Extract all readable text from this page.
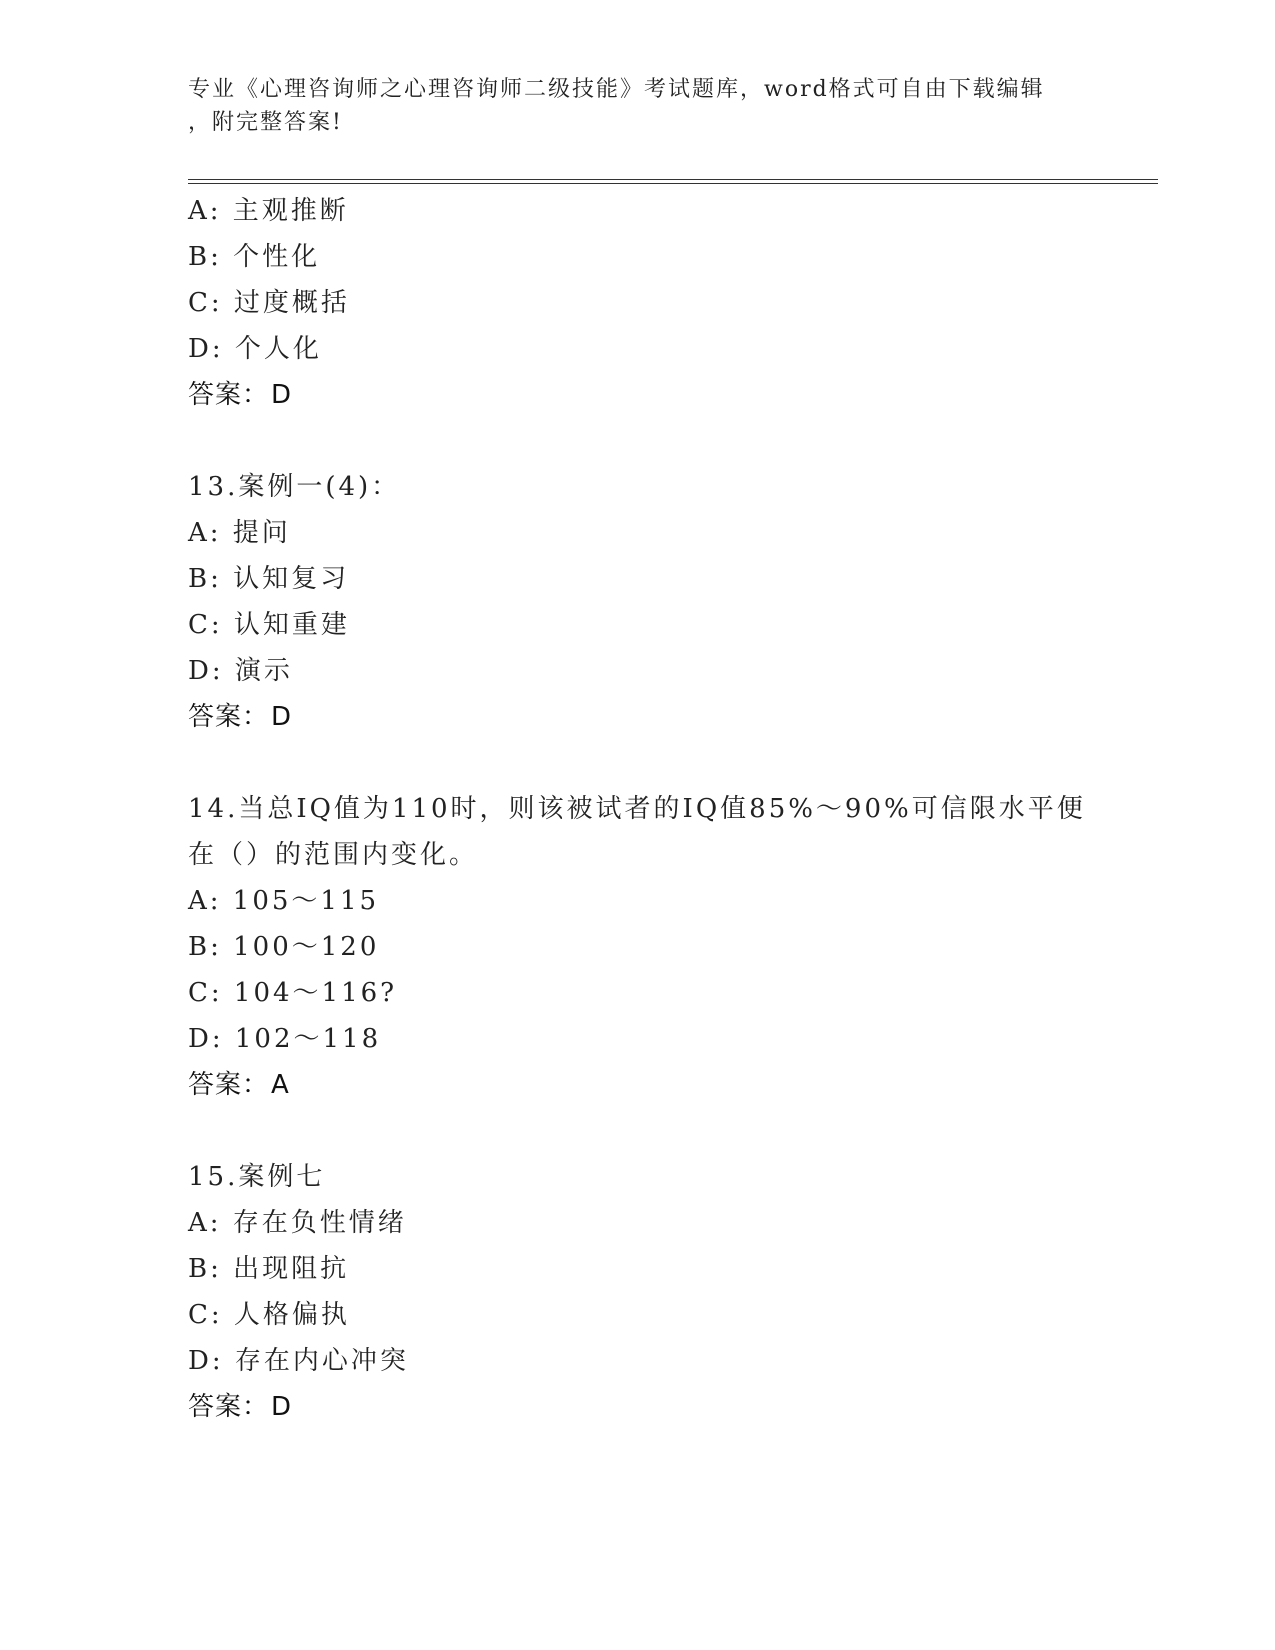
专业《心理咨询师之心理咨询师二级技能》考试题库，word格式可自由下载编辑
，附完整答案!
A: 主观推断
B: 个性化
C: 过度概括
D: 个人化
答案：D
13.案例一(4)：
A: 提问
B: 认知复习
C: 认知重建
D: 演示
答案：D
14.当总IQ值为110时，则该被试者的IQ值85%～90%可信限水平便
在（）的范围内变化。
A: 105～115
B: 100～120
C: 104～116?
D: 102～118
答案：A
15.案例七
A: 存在负性情绪
B: 出现阻抗
C: 人格偏执
D: 存在内心冲突
答案：D
